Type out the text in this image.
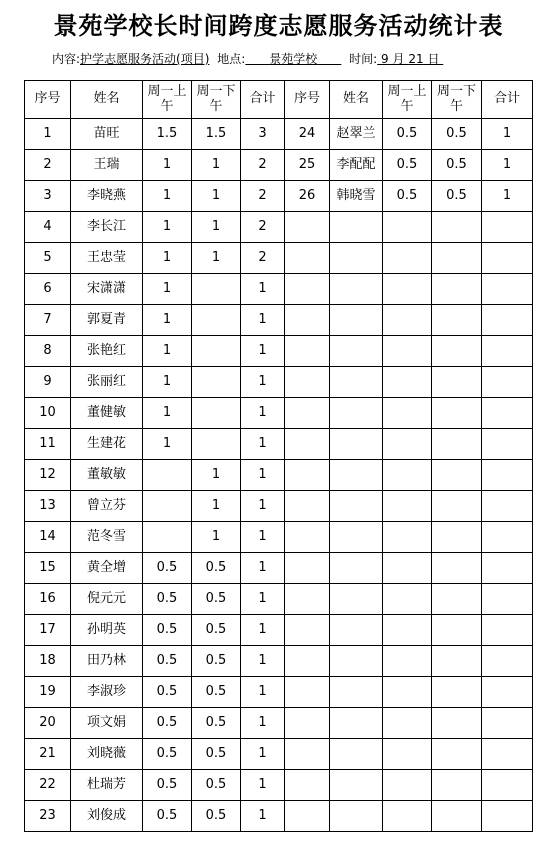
景苑学校长时间跨度志愿服务活动统计表
内容:护学志愿服务活动(项目) 地点:   景苑学校  	时间: 9 月 21 日
序号	姓名	周一上午	周一下午	合计	序号	姓名	周一上午	周一下午	合计
1	苗旺	1.5	1.5	3	24	赵翠兰	0.5	0.5	1
2	王瑞	1	1	2	25	李配配	0.5	0.5	1
3	李晓燕	1	1	2	26	韩晓雪	0.5	0.5	1
4	李长江	1	1	2					
5	王忠莹	1	1	2					
6	宋潇潇	1		1					
7	郭夏青	1		1					
8	张艳红	1		1					
9	张丽红	1		1					
10	董健敏	1		1					
11	生建花	1		1					
12	董敏敏		1	1					
13	曾立芬		1	1					
14	范冬雪		1	1					
15	黄全增	0.5	0.5	1					
16	倪元元	0.5	0.5	1					
17	孙明英	0.5	0.5	1					
18	田乃林	0.5	0.5	1					
19	李淑珍	0.5	0.5	1					
20	项文娟	0.5	0.5	1					
21	刘晓薇	0.5	0.5	1					
22	杜瑞芳	0.5	0.5	1					
23	刘俊成	0.5	0.5	1					
